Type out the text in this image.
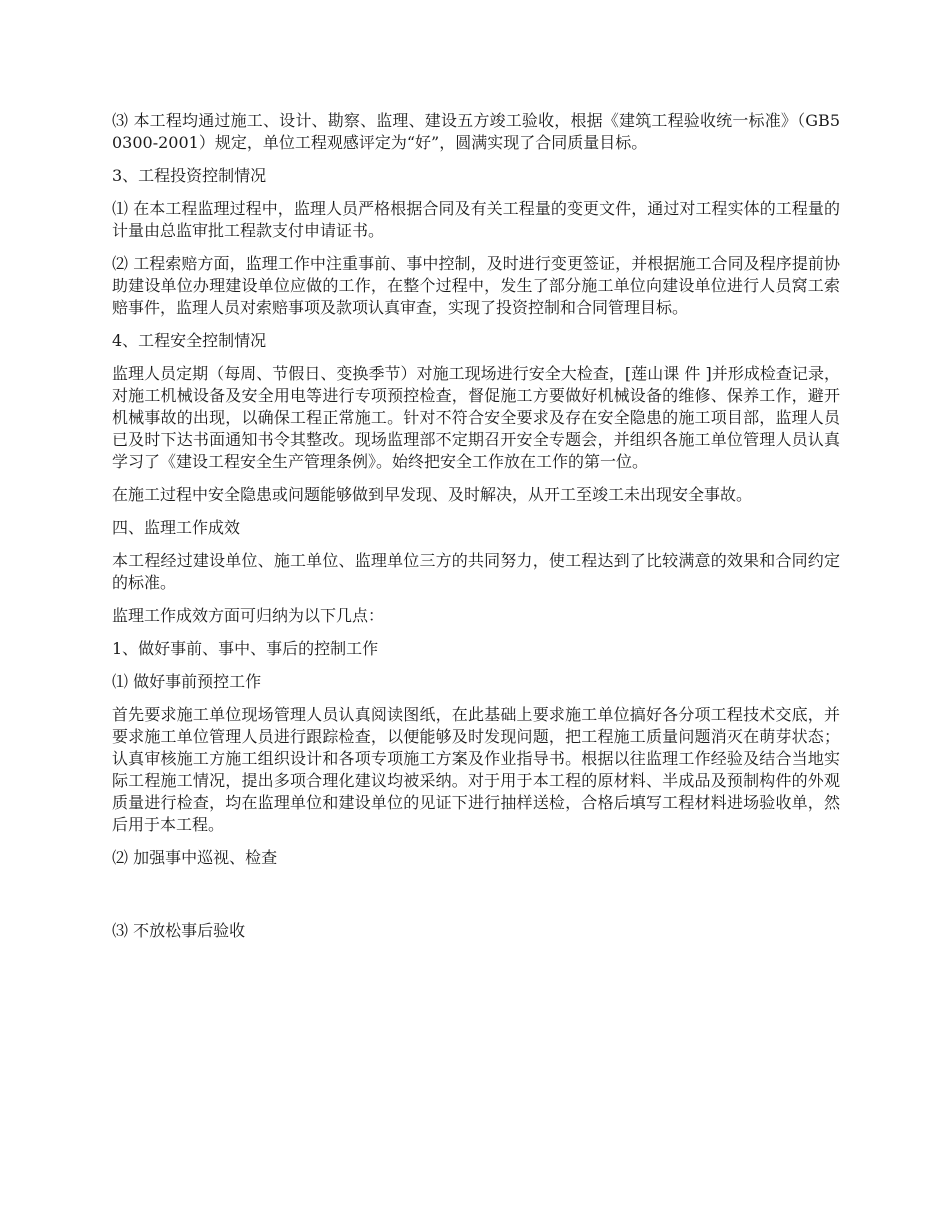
⑶ 本工程均通过施工、设计、勘察、监理、建设五方竣工验收，根据《建筑工程验收统一标准》（GB50300-2001）规定，单位工程观感评定为“好”，圆满实现了合同质量目标。

3、工程投资控制情况

⑴ 在本工程监理过程中，监理人员严格根据合同及有关工程量的变更文件，通过对工程实体的工程量的计量由总监审批工程款支付申请证书。

⑵ 工程索赔方面，监理工作中注重事前、事中控制，及时进行变更签证，并根据施工合同及程序提前协助建设单位办理建设单位应做的工作，在整个过程中，发生了部分施工单位向建设单位进行人员窝工索赔事件，监理人员对索赔事项及款项认真审查，实现了投资控制和合同管理目标。

4、工程安全控制情况

监理人员定期（每周、节假日、变换季节）对施工现场进行安全大检查，[莲山课 件 ]并形成检查记录，对施工机械设备及安全用电等进行专项预控检查，督促施工方要做好机械设备的维修、保养工作，避开机械事故的出现，以确保工程正常施工。针对不符合安全要求及存在安全隐患的施工项目部，监理人员已及时下达书面通知书令其整改。现场监理部不定期召开安全专题会，并组织各施工单位管理人员认真学习了《建设工程安全生产管理条例》。始终把安全工作放在工作的第一位。

在施工过程中安全隐患或问题能够做到早发现、及时解决，从开工至竣工未出现安全事故。

四、监理工作成效

本工程经过建设单位、施工单位、监理单位三方的共同努力，使工程达到了比较满意的效果和合同约定的标准。

监理工作成效方面可归纳为以下几点：

1、做好事前、事中、事后的控制工作

⑴ 做好事前预控工作

首先要求施工单位现场管理人员认真阅读图纸，在此基础上要求施工单位搞好各分项工程技术交底，并要求施工单位管理人员进行跟踪检查，以便能够及时发现问题，把工程施工质量问题消灭在萌芽状态；认真审核施工方施工组织设计和各项专项施工方案及作业指导书。根据以往监理工作经验及结合当地实际工程施工情况，提出多项合理化建议均被采纳。对于用于本工程的原材料、半成品及预制构件的外观质量进行检查，均在监理单位和建设单位的见证下进行抽样送检，合格后填写工程材料进场验收单，然后用于本工程。

⑵ 加强事中巡视、检查

⑶ 不放松事后验收
